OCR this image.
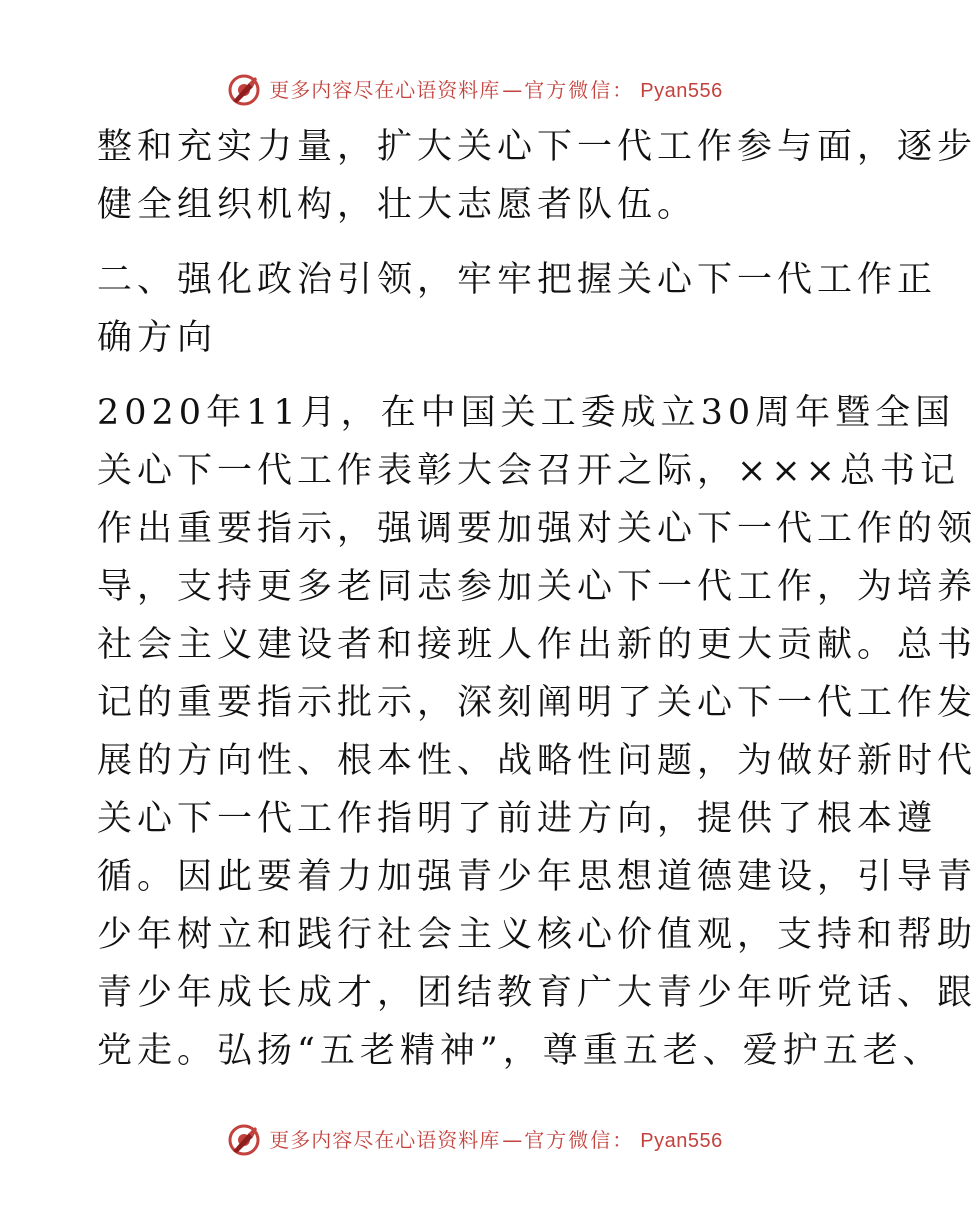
更多内容尽在心语资料库 — 官方微信： Pyan556
整和充实力量，扩大关心下一代工作参与面，逐步
健全组织机构，壮大志愿者队伍。
二、强化政治引领，牢牢把握关心下一代工作正
确方向
2020年11月，在中国关工委成立30周年暨全国
关心下一代工作表彰大会召开之际，×××总书记
作出重要指示，强调要加强对关心下一代工作的领
导，支持更多老同志参加关心下一代工作，为培养
社会主义建设者和接班人作出新的更大贡献。总书
记的重要指示批示，深刻阐明了关心下一代工作发
展的方向性、根本性、战略性问题，为做好新时代
关心下一代工作指明了前进方向，提供了根本遵
循。因此要着力加强青少年思想道德建设，引导青
少年树立和践行社会主义核心价值观，支持和帮助
青少年成长成才，团结教育广大青少年听党话、跟
党走。弘扬“五老精神”，尊重五老、爱护五老、
更多内容尽在心语资料库 — 官方微信： Pyan556
